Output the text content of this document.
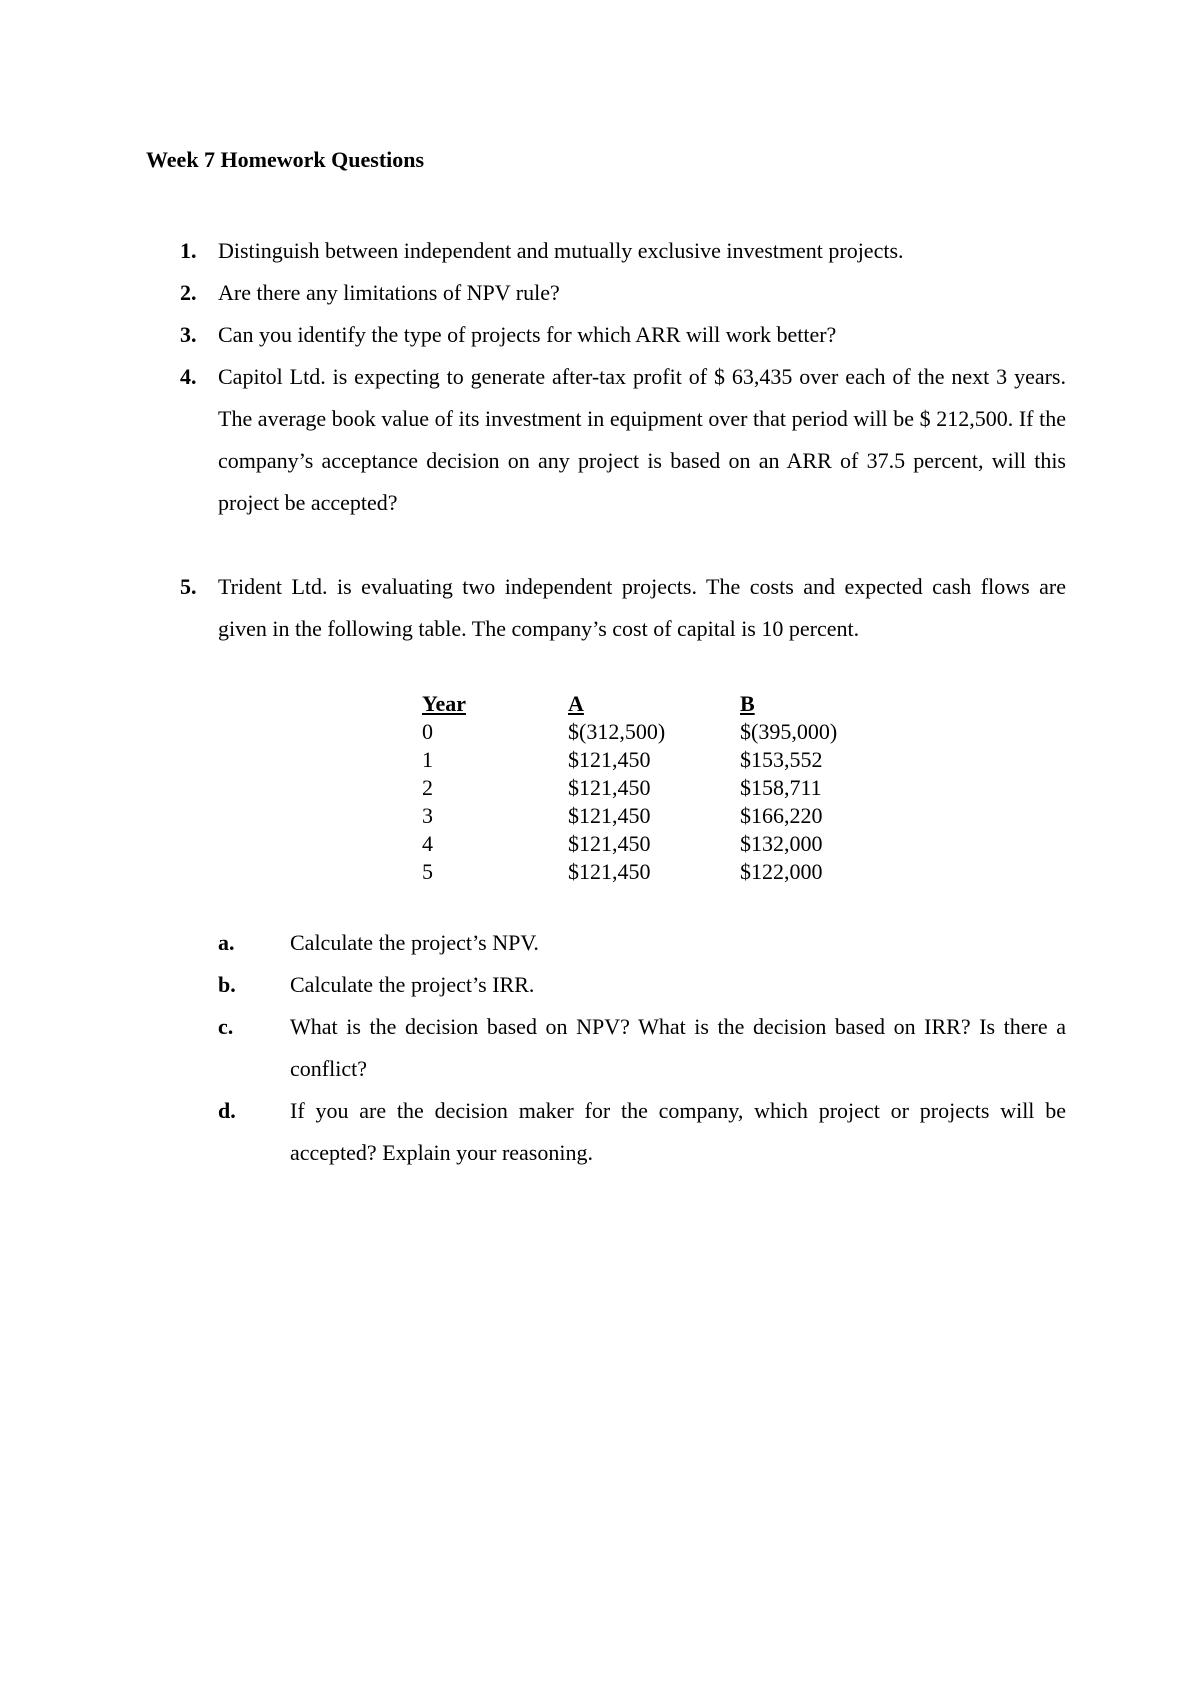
Week 7 Homework Questions
1. Distinguish between independent and mutually exclusive investment projects.
2. Are there any limitations of NPV rule?
3. Can you identify the type of projects for which ARR will work better?
4. Capitol Ltd. is expecting to generate after-tax profit of $ 63,435 over each of the next 3 years. The average book value of its investment in equipment over that period will be $ 212,500. If the company’s acceptance decision on any project is based on an ARR of 37.5 percent, will this project be accepted?
5. Trident Ltd. is evaluating two independent projects. The costs and expected cash flows are given in the following table. The company’s cost of capital is 10 percent.
Year	A	B
0	$(312,500)	$(395,000)
1	$121,450	$153,552
2	$121,450	$158,711
3	$121,450	$166,220
4	$121,450	$132,000
5	$121,450	$122,000
a.	Calculate the project’s NPV.
b. Calculate the project’s IRR.
c.	What is the decision based on NPV? What is the decision based on IRR? Is there a conflict?
d. If you are the decision maker for the company, which project or projects will be accepted? Explain your reasoning.
